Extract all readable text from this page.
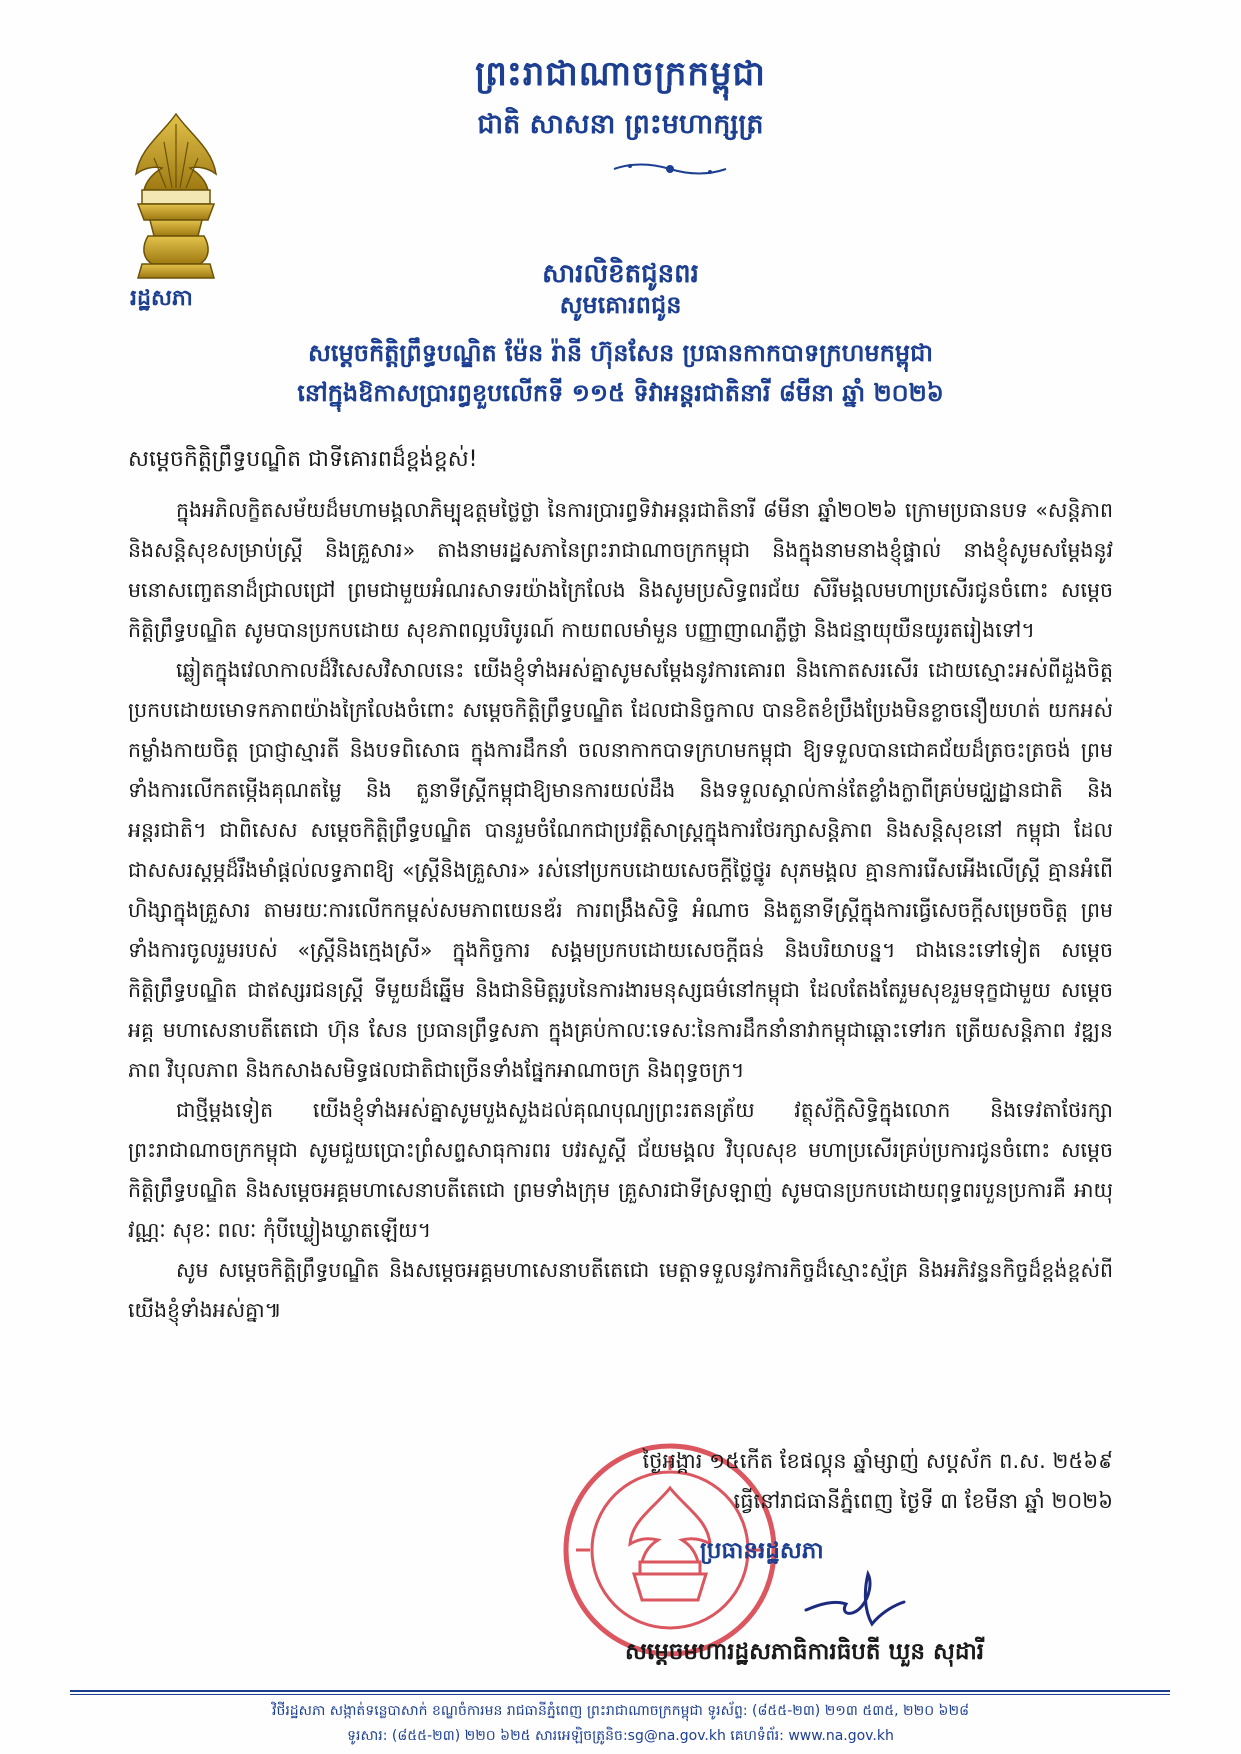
ព្រះរាជាណាចក្រកម្ពុជា
ជាតិ សាសនា ព្រះមហាក្សត្រ
រដ្ឋសភា
សារលិខិតជូនពរ
សូមគោរពជូន
សម្តេចកិត្តិព្រឹទ្ធបណ្ឌិត ម៉ែន រ៉ានី ហ៊ុនសែន ប្រធានកាកបាទក្រហមកម្ពុជា
នៅក្នុងឱកាសប្រារព្ធខួបលើកទី ១១៥ ទិវាអន្តរជាតិនារី ៨មីនា ឆ្នាំ ២០២៦
សម្តេចកិត្តិព្រឹទ្ធបណ្ឌិត ជាទីគោរពដ៏ខ្ពង់ខ្ពស់!

ក្នុងអភិលក្ខិតសម័យដ៏មហាមង្គលាភិម្បុឧត្តមថ្លៃថ្លា នៃការប្រារព្ធទិវាអន្តរជាតិនារី ៨មីនា ឆ្នាំ២០២៦ ក្រោមប្រធានបទ «សន្តិភាព និងសន្តិសុខសម្រាប់ស្ត្រី និងគ្រួសារ» តាងនាមរដ្ឋសភានៃព្រះរាជាណាចក្រកម្ពុជា និងក្នុងនាមនាងខ្ញុំផ្ទាល់ នាងខ្ញុំសូមសម្តែងនូវមនោសញ្ចេតនាដ៏ជ្រាលជ្រៅ ព្រមជាមួយអំណរសាទរយ៉ាងក្រៃលែង និងសូមប្រសិទ្ធពរជ័យ សិរីមង្គលមហាប្រសើរជូនចំពោះ សម្តេចកិត្តិព្រឹទ្ធបណ្ឌិត សូមបានប្រកបដោយ សុខភាពល្អបរិបូរណ៍ កាយពលមាំមួន បញ្ញាញាណភ្លឺថ្លា និងជន្មាយុយឺនយូរតរៀងទៅ។

ឆ្លៀតក្នុងវេលាកាលដ៏វិសេសវិសាលនេះ យើងខ្ញុំទាំងអស់គ្នាសូមសម្តែងនូវការគោរព និងកោតសរសើរ ដោយស្មោះអស់ពីដួងចិត្តប្រកបដោយមោទកភាពយ៉ាងក្រៃលែងចំពោះ សម្តេចកិត្តិព្រឹទ្ធបណ្ឌិត ដែលជានិច្ចកាល បានខិតខំប្រឹងប្រែងមិនខ្លាចនឿយហត់ យកអស់កម្លាំងកាយចិត្ត ប្រាជ្ញាស្មារតី និងបទពិសោធ ក្នុងការដឹកនាំ ចលនាកាកបាទក្រហមកម្ពុជា ឱ្យទទួលបានជោគជ័យដ៏ត្រចះត្រចង់ ព្រមទាំងការលើកតម្កើងគុណតម្លៃ និង តួនាទីស្ត្រីកម្ពុជាឱ្យមានការយល់ដឹង និងទទួលស្គាល់កាន់តែខ្លាំងក្លាពីគ្រប់មជ្ឈដ្ឋានជាតិ និងអន្តរជាតិ។ ជាពិសេស សម្តេចកិត្តិព្រឹទ្ធបណ្ឌិត បានរួមចំណែកជាប្រវត្តិសាស្ត្រក្នុងការថែរក្សាសន្តិភាព និងសន្តិសុខនៅ កម្ពុជា ដែលជាសសរស្តម្ភដ៏រឹងមាំផ្តល់លទ្ធភាពឱ្យ «ស្ត្រីនិងគ្រួសារ» រស់នៅប្រកបដោយសេចក្តីថ្លៃថ្នូរ សុភមង្គល គ្មានការរើសអើងលើស្ត្រី គ្មានអំពើហិង្សាក្នុងគ្រួសារ តាមរយៈការលើកកម្ពស់សមភាពយេនឌ័រ ការពង្រឹងសិទ្ធិ អំណាច និងតួនាទីស្ត្រីក្នុងការធ្វើសេចក្តីសម្រេចចិត្ត ព្រមទាំងការចូលរួមរបស់ «ស្ត្រីនិងក្មេងស្រី» ក្នុងកិច្ចការ សង្គមប្រកបដោយសេចក្តីធន់ និងបរិយាបន្ន។ ជាងនេះទៅទៀត សម្តេចកិត្តិព្រឹទ្ធបណ្ឌិត ជាឥស្សរជនស្ត្រី ទីមួយដ៏ឆ្នើម និងជានិមិត្តរូបនៃការងារមនុស្សធម៌នៅកម្ពុជា ដែលតែងតែរួមសុខរួមទុក្ខជាមួយ សម្តេចអគ្គ មហាសេនាបតីតេជោ ហ៊ុន សែន ប្រធានព្រឹទ្ធសភា ក្នុងគ្រប់កាលៈទេសៈនៃការដឹកនាំនាវាកម្ពុជាឆ្ពោះទៅរក ត្រើយសន្តិភាព វឌ្ឍនភាព វិបុលភាព និងកសាងសមិទ្ធផលជាតិជាច្រើនទាំងផ្នែកអាណាចក្រ និងពុទ្ធចក្រ។

ជាថ្មីម្តងទៀត យើងខ្ញុំទាំងអស់គ្នាសូមបួងសួងដល់គុណបុណ្យព្រះរតនត្រ័យ វត្ថុស័ក្តិសិទ្ធិក្នុងលោក និងទេវតាថែរក្សាព្រះរាជាណាចក្រកម្ពុជា សូមជួយប្រោះព្រំសព្ទសាធុការពរ បវរសួស្តី ជ័យមង្គល វិបុលសុខ មហាប្រសើរគ្រប់ប្រការជូនចំពោះ សម្តេចកិត្តិព្រឹទ្ធបណ្ឌិត និងសម្តេចអគ្គមហាសេនាបតីតេជោ ព្រមទាំងក្រុម គ្រួសារជាទីស្រឡាញ់ សូមបានប្រកបដោយពុទ្ធពរបួនប្រការគឺ អាយុ វណ្ណៈ សុខៈ ពលៈ កុំបីឃ្លៀងឃ្លាតឡើយ។

សូម សម្តេចកិត្តិព្រឹទ្ធបណ្ឌិត និងសម្តេចអគ្គមហាសេនាបតីតេជោ មេត្តាទទួលនូវការកិច្ចដ៏ស្មោះស្ម័គ្រ និងអភិវន្ទនកិច្ចដ៏ខ្ពង់ខ្ពស់ពីយើងខ្ញុំទាំងអស់គ្នា៕

ថ្ងៃអង្គារ ១៥កើត ខែផល្គុន ឆ្នាំម្សាញ់ សប្តស័ក ព.ស. ២៥៦៩
ធ្វើនៅរាជធានីភ្នំពេញ ថ្ងៃទី ៣ ខែមីនា ឆ្នាំ ២០២៦
ប្រធានរដ្ឋសភា
សម្តេចមហារដ្ឋសភាធិការធិបតី ឃួន សុដារី
វិថីរដ្ឋសភា សង្កាត់ទន្លេបាសាក់ ខណ្ឌចំការមន រាជធានីភ្នំពេញ ព្រះរាជាណាចក្រកម្ពុជា ទូរស័ព្ទ: (៨៥៥-២៣) ២១៣ ៥៣៥, ២២០ ៦២៨
ទូរសារ: (៨៥៥-២៣) ២២០ ៦២៥ សារអេឡិចត្រូនិច:sg@na.gov.kh គេហទំព័រ: www.na.gov.kh
